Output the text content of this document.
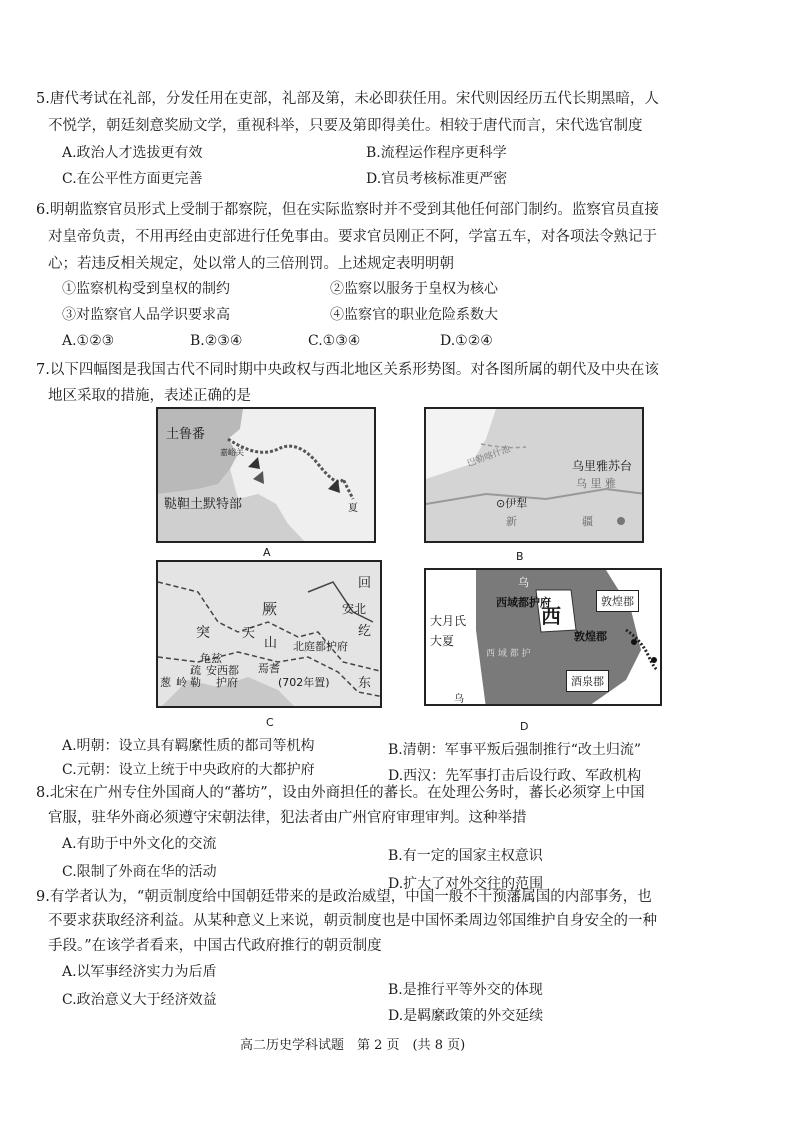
5.唐代考试在礼部，分发任用在吏部，礼部及第，未必即获任用。宋代则因经历五代长期黑暗，人
不悦学，朝廷刻意奖励文学，重视科举，只要及第即得美仕。相较于唐代而言，宋代选官制度
A.政治人才选拔更有效	B.流程运作程序更科学
C.在公平性方面更完善	D.官员考核标准更严密
6.明朝监察官员形式上受制于都察院，但在实际监察时并不受到其他任何部门制约。监察官员直接
对皇帝负责，不用再经由吏部进行任免事由。要求官员刚正不阿，学富五车，对各项法令熟记于
心；若违反相关规定，处以常人的三倍刑罚。上述规定表明明朝
①监察机构受到皇权的制约	②监察以服务于皇权为核心
③对监察官人品学识要求高	④监察官的职业危险系数大
A.①②③	B.②③④	C.①③④	D.①②④
7.以下四幅图是我国古代不同时期中央政权与西北地区关系形势图。对各图所属的朝代及中央在该
地区采取的措施，表述正确的是
土鲁番
嘉峪关
鞑靼土默特部	夏
A
巴勒喀什池	乌里雅苏台
乌 里 雅
⊙伊犁
新	疆
B
回
安北
纥
厥
突 天
山 北庭都护府
龟兹
疏 安西都
护府
焉耆
(702年置)
葱 岭 勒	东
C
乌
西域都护府
西
大月氏
大夏
敦煌郡
敦煌郡
酒泉郡
西 域 都 护
乌
D
A.明朝：设立具有羁縻性质的都司等机构	B.清朝：军事平叛后强制推行“改土归流”
C.元朝：设立上统于中央政府的大都护府	D.西汉：先军事打击后设行政、军政机构
8.北宋在广州专住外国商人的“蕃坊”，设由外商担任的蕃长。在处理公务时，蕃长必须穿上中国
官服，驻华外商必须遵守宋朝法律，犯法者由广州官府审理审判。这种举措
A.有助于中外文化的交流
B.有一定的国家主权意识
C.限制了外商在华的活动
D.扩大了对外交往的范围
9.有学者认为，“朝贡制度给中国朝廷带来的是政治威望，中国一般不干预藩属国的内部事务，也
不要求获取经济利益。从某种意义上来说，朝贡制度也是中国怀柔周边邻国维护自身安全的一种
手段。”在该学者看来，中国古代政府推行的朝贡制度
A.以军事经济实力为后盾
B.是推行平等外交的体现
C.政治意义大于经济效益
D.是羁縻政策的外交延续
高二历史学科试题　第 2 页　(共 8 页)
